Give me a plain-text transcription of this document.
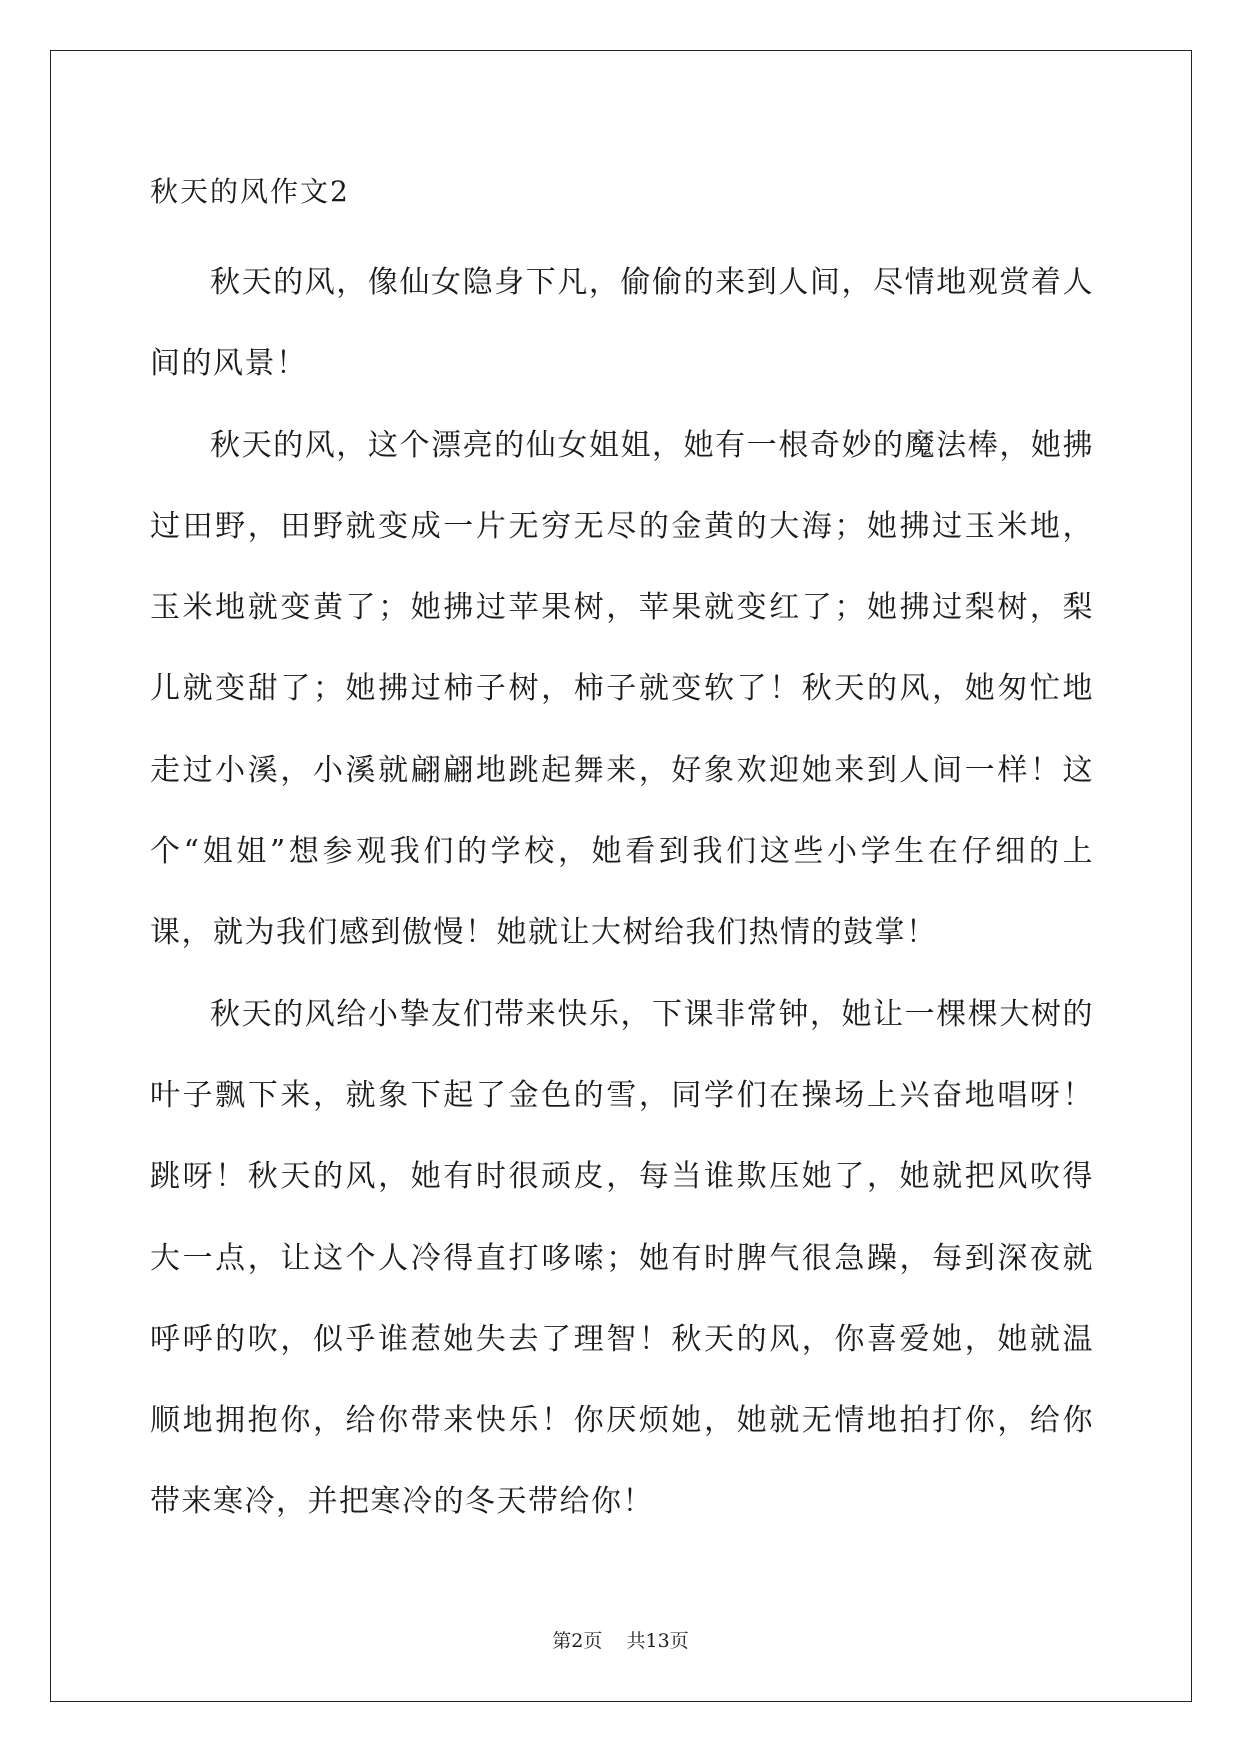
秋天的风作文2

秋天的风，像仙女隐身下凡，偷偷的来到人间，尽情地观赏着人间的风景！

秋天的风，这个漂亮的仙女姐姐，她有一根奇妙的魔法棒，她拂过田野，田野就变成一片无穷无尽的金黄的大海；她拂过玉米地，玉米地就变黄了；她拂过苹果树，苹果就变红了；她拂过梨树，梨儿就变甜了；她拂过柿子树，柿子就变软了！秋天的风，她匆忙地走过小溪，小溪就翩翩地跳起舞来，好象欢迎她来到人间一样！这个“姐姐”想参观我们的学校，她看到我们这些小学生在仔细的上课，就为我们感到傲慢！她就让大树给我们热情的鼓掌！

秋天的风给小挚友们带来快乐，下课非常钟，她让一棵棵大树的叶子飘下来，就象下起了金色的雪，同学们在操场上兴奋地唱呀！跳呀！秋天的风，她有时很顽皮，每当谁欺压她了，她就把风吹得大一点，让这个人冷得直打哆嗦；她有时脾气很急躁，每到深夜就呼呼的吹，似乎谁惹她失去了理智！秋天的风，你喜爱她，她就温顺地拥抱你，给你带来快乐！你厌烦她，她就无情地拍打你，给你带来寒冷，并把寒冷的冬天带给你！

第2页    共13页
